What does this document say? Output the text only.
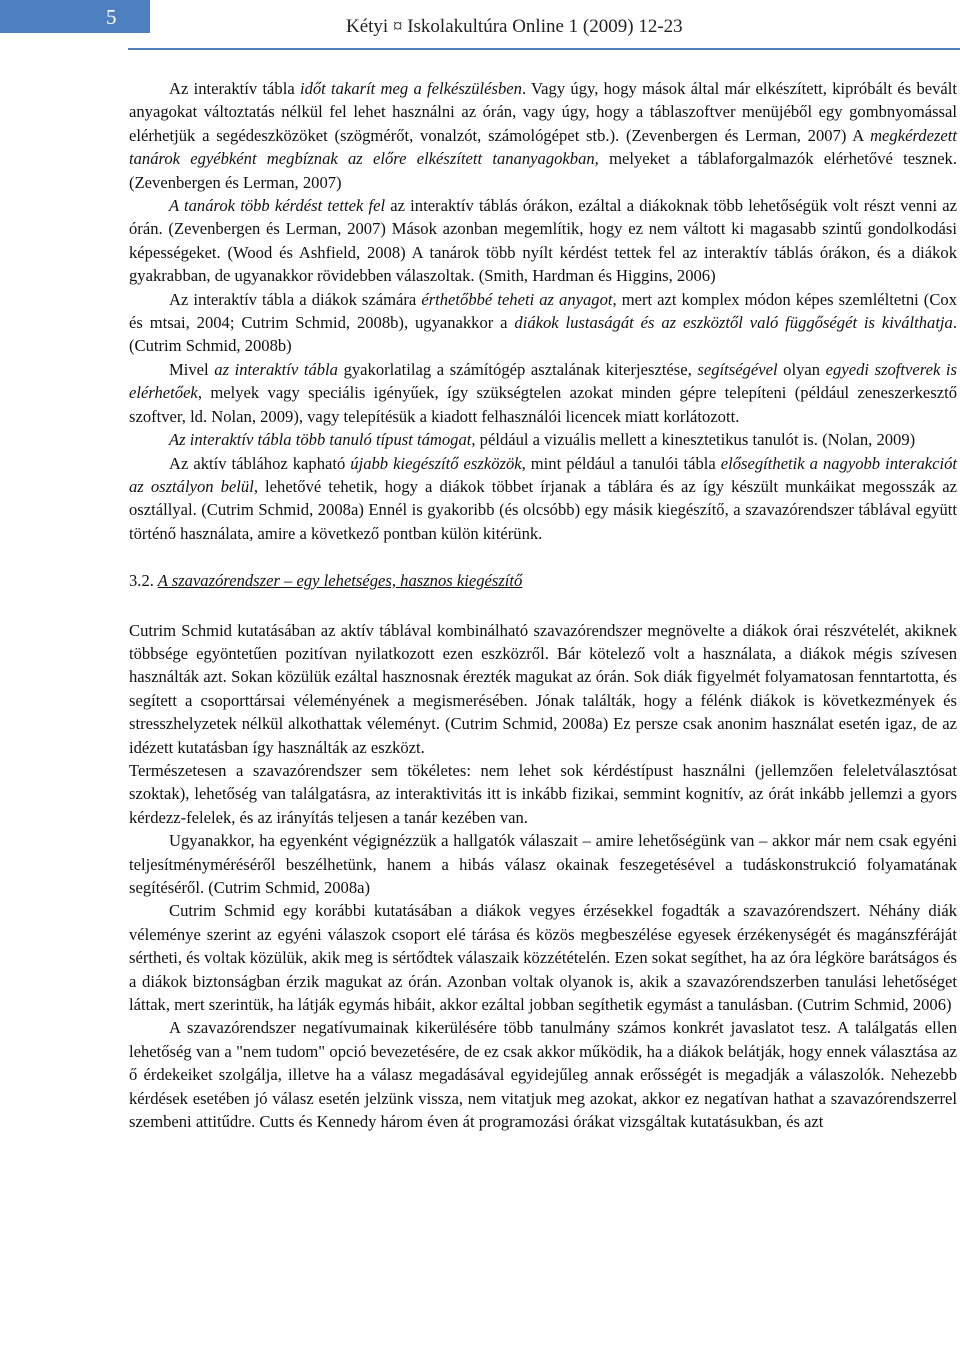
5	Kétyi ¤ Iskolakultúra Online 1 (2009) 12-23

Az interaktív tábla időt takarít meg a felkészülésben. Vagy úgy, hogy mások által már elkészített, kipróbált és bevált anyagokat változtatás nélkül fel lehet használni az órán, vagy úgy, hogy a táblaszoftver menüjéből egy gombnyomással elérhetjük a segédeszközöket (szögmérőt, vonalzót, számológépet stb.). (Zevenbergen és Lerman, 2007) A megkérdezett tanárok egyébként megbíznak az előre elkészített tananyagokban, melyeket a táblaforgalmazók elérhetővé tesznek. (Zevenbergen és Lerman, 2007)

A tanárok több kérdést tettek fel az interaktív táblás órákon, ezáltal a diákoknak több lehetőségük volt részt venni az órán. (Zevenbergen és Lerman, 2007) Mások azonban megemlítik, hogy ez nem váltott ki magasabb szintű gondolkodási képességeket. (Wood és Ashfield, 2008) A tanárok több nyílt kérdést tettek fel az interaktív táblás órákon, és a diákok gyakrabban, de ugyanakkor rövidebben válaszoltak. (Smith, Hardman és Higgins, 2006)

Az interaktív tábla a diákok számára érthetőbbé teheti az anyagot, mert azt komplex módon képes szemléltetni (Cox és mtsai, 2004; Cutrim Schmid, 2008b), ugyanakkor a diákok lustaságát és az eszköztől való függőségét is kiválthatja. (Cutrim Schmid, 2008b)

Mivel az interaktív tábla gyakorlatilag a számítógép asztalának kiterjesztése, segítségével olyan egyedi szoftverek is elérhetőek, melyek vagy speciális igényűek, így szükségtelen azokat minden gépre telepíteni (például zeneszerkesztő szoftver, ld. Nolan, 2009), vagy telepítésük a kiadott felhasználói licencek miatt korlátozott.

Az interaktív tábla több tanuló típust támogat, például a vizuális mellett a kinesztetikus tanulót is. (Nolan, 2009)

Az aktív táblához kapható újabb kiegészítő eszközök, mint például a tanulói tábla elősegíthetik a nagyobb interakciót az osztályon belül, lehetővé tehetik, hogy a diákok többet írjanak a táblára és az így készült munkáikat megosszák az osztállyal. (Cutrim Schmid, 2008a) Ennél is gyakoribb (és olcsóbb) egy másik kiegészítő, a szavazórendszer táblával együtt történő használata, amire a következő pontban külön kitérünk.

3.2. A szavazórendszer – egy lehetséges, hasznos kiegészítő

Cutrim Schmid kutatásában az aktív táblával kombinálható szavazórendszer megnövelte a diákok órai részvételét, akiknek többsége egyöntetűen pozitívan nyilatkozott ezen eszközről. Bár kötelező volt a használata, a diákok mégis szívesen használták azt. Sokan közülük ezáltal hasznosnak érezték magukat az órán. Sok diák figyelmét folyamatosan fenntartotta, és segített a csoporttársai véleményének a megismerésében. Jónak találták, hogy a félénk diákok is következmények és stresszhelyzetek nélkül alkothattak véleményt. (Cutrim Schmid, 2008a) Ez persze csak anonim használat esetén igaz, de az idézett kutatásban így használták az eszközt.

Természetesen a szavazórendszer sem tökéletes: nem lehet sok kérdéstípust használni (jellemzően feleletválasztósat szoktak), lehetőség van találgatásra, az interaktivitás itt is inkább fizikai, semmint kognitív, az órát inkább jellemzi a gyors kérdezz-felelek, és az irányítás teljesen a tanár kezében van.

Ugyanakkor, ha egyenként végignézzük a hallgatók válaszait – amire lehetőségünk van – akkor már nem csak egyéni teljesítményméréséről beszélhetünk, hanem a hibás válasz okainak feszegetésével a tudáskonstrukció folyamatának segítéséről. (Cutrim Schmid, 2008a)

Cutrim Schmid egy korábbi kutatásában a diákok vegyes érzésekkel fogadták a szavazórendszert. Néhány diák véleménye szerint az egyéni válaszok csoport elé tárása és közös megbeszélése egyesek érzékenységét és magánszféráját sértheti, és voltak közülük, akik meg is sértődtek válaszaik közzétételén. Ezen sokat segíthet, ha az óra légköre barátságos és a diákok biztonságban érzik magukat az órán. Azonban voltak olyanok is, akik a szavazórendszerben tanulási lehetőséget láttak, mert szerintük, ha látják egymás hibáit, akkor ezáltal jobban segíthetik egymást a tanulásban. (Cutrim Schmid, 2006)

A szavazórendszer negatívumainak kikerülésére több tanulmány számos konkrét javaslatot tesz. A találgatás ellen lehetőség van a "nem tudom" opció bevezetésére, de ez csak akkor működik, ha a diákok belátják, hogy ennek választása az ő érdekeiket szolgálja, illetve ha a válasz megadásával egyidejűleg annak erősségét is megadják a válaszolók. Nehezebb kérdések esetében jó válasz esetén jelzünk vissza, nem vitatjuk meg azokat, akkor ez negatívan hathat a szavazórendszerrel szembeni attitűdre. Cutts és Kennedy három éven át programozási órákat vizsgáltak kutatásukban, és azt
